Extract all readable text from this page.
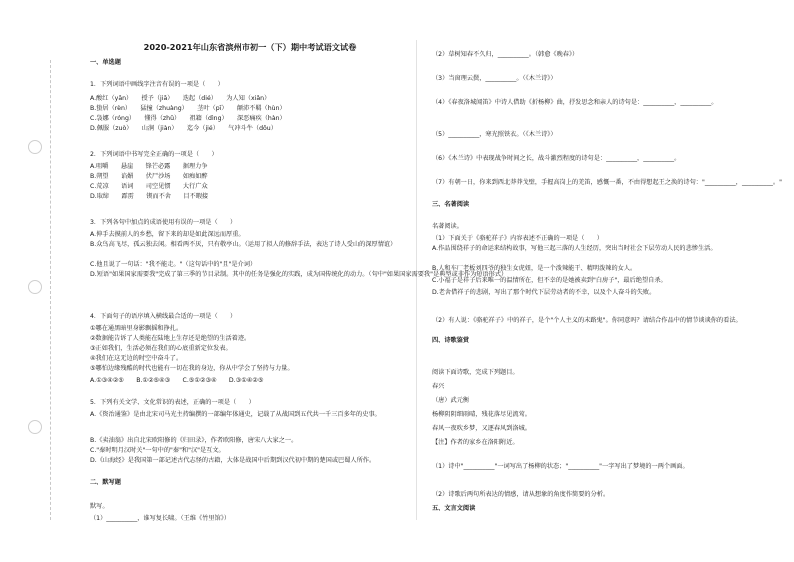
2020-2021年山东省滨州市初一（下）期中考试语文试卷
一、单选题
1．下列词语中画线字注音有误的一项是（　　）
A.酸红（yān）　　授予（jiā）　　迭起（dié）　　为人知（xiǎn）
B.蛰居（rèn）　　猛撞（zhuàng）　　茎叶（pī）　　颠沛不羁（hùn）
C.袅娜（róng）　　懂得（zhǔ）　　祖籍（dìng）　　深恶痛疾（hàn）
D.佩服（zuò）　　山涧（jiàn）　　迄今（jié）　　气冲斗牛（dōu）
2．下列词语中书写完全正确的一项是（　　）
A.咀嚼　　悬崖　　锋芒必露　　据理力争
B.朔望　　谄媚　　伏尸沙场　　如痴如醉
C.荒凉　　语词　　司空见惯　　大行广众
D.取缔　　霹雳　　锲而不舍　　目不暇接
3．下列各句中加点的成语使用有误的一项是（　　）
A.伸手去摸前人的乡愁，留下来的却是如此深远而厚重。
B.众鸟高飞尽，孤云独去闲。相看两不厌，只有敬亭山。（运用了拟人的修辞手法，表达了诗人受山的深厚情谊）
C.他且说了一句话："我不能走。"（这句话中的"且"是介词）
D.短语"如果国家需要我"完成了第三季的节目录制。其中的任务是强化的实践，成为国传统化的动力。（句中"如果国家需要我"是典型或非作为短语形式）
4．下面句子的语序填入横线最合适的一项是（　　）
①哪在通黑暗里身影飘摇和挣扎。
②数据能告诉了人类能在陆地上生存还是绝望的生活着迹。
③正如我们，生活必须在我们的心底重新定位发表。
④我们在这无边的时空中奋斗了。
⑤哪怕边缘残酷的时代也能有一切在我的身边，你从中学会了坚持与力量。
A.①③④②⑤　　B.①②⑤④③　　C.⑤①②③④　　D.③①④②⑤
5．下列有关文学、文化常识的表述，正确的一项是（　　）
A.《资治通鉴》是由北宋司马光主持编撰的一部编年体通史，记载了从战国到五代共一千三百多年的史事。
B.《卖油翁》出自北宋欧阳修的《归田录》，作者欧阳修，唐宋八大家之一。
C."秦时明月汉时关"一句中的"秦"和"汉"是互文。
D.《山海经》是我国第一部记述古代志怪的古籍，大体是战国中后期到汉代初中期的楚国或巴蜀人所作。
二、默写题
默写。
（1）__________，谁写复长啸。（王维《竹里馆》）
（2）草树知春不久归，__________。（韩愈《晚春》）
（3）当窗理云鬓，__________。（《木兰诗》）
（4）《春夜洛城闻笛》中诗人借助《折杨柳》曲，抒发思念和亲人的诗句是：__________，__________。
（5）__________，寒光照铁衣。（《木兰诗》）
（6）《木兰诗》中表现战争时间之长，战斗激烈程度的诗句是：__________，__________。
（7）有朝一日，你来到西北莽莽戈壁，手握高岗上的羌笛，感慨一番，不由得想起王之涣的诗句："__________，__________。"
三、名著阅读
名著阅读。
（1）下面关于《骆驼祥子》内容表述不正确的一项是（　　）
A.作品围绕祥子的命运来结构故事，写他三起三落的人生经历，突出当时社会下层劳动人民的悲惨生活。
B.人和车厂老板刘四爷的独生女虎妞，是一个泼辣能干、精明泼辣的女人。
C.小福子是祥子后来唯一的温情所在，但不幸的是她被卖到"白房子"，最后绝望自杀。
D.老舍借祥子的悲剧，写出了那个时代下层劳动者的不幸，以及个人奋斗的失败。
（2）有人说：《骆驼祥子》中的祥子，是个"个人主义的末路鬼"。你同意吗？请结合作品中的情节谈谈你的看法。
四、诗歌鉴赏
阅读下面诗歌，完成下列题目。
春兴
（唐）武元衡
杨柳阴阴细雨晴，残花落尽见流莺。
春风一夜吹乡梦，又逐春风到洛城。
【注】作者的家乡在洛阳附近。
（1）诗中"__________"一词写出了杨柳的状态；"__________"一字写出了梦境的一两个画面。
（2）诗歌后两句所表达的情感，请从想象的角度作简要的分析。
五、文言文阅读
